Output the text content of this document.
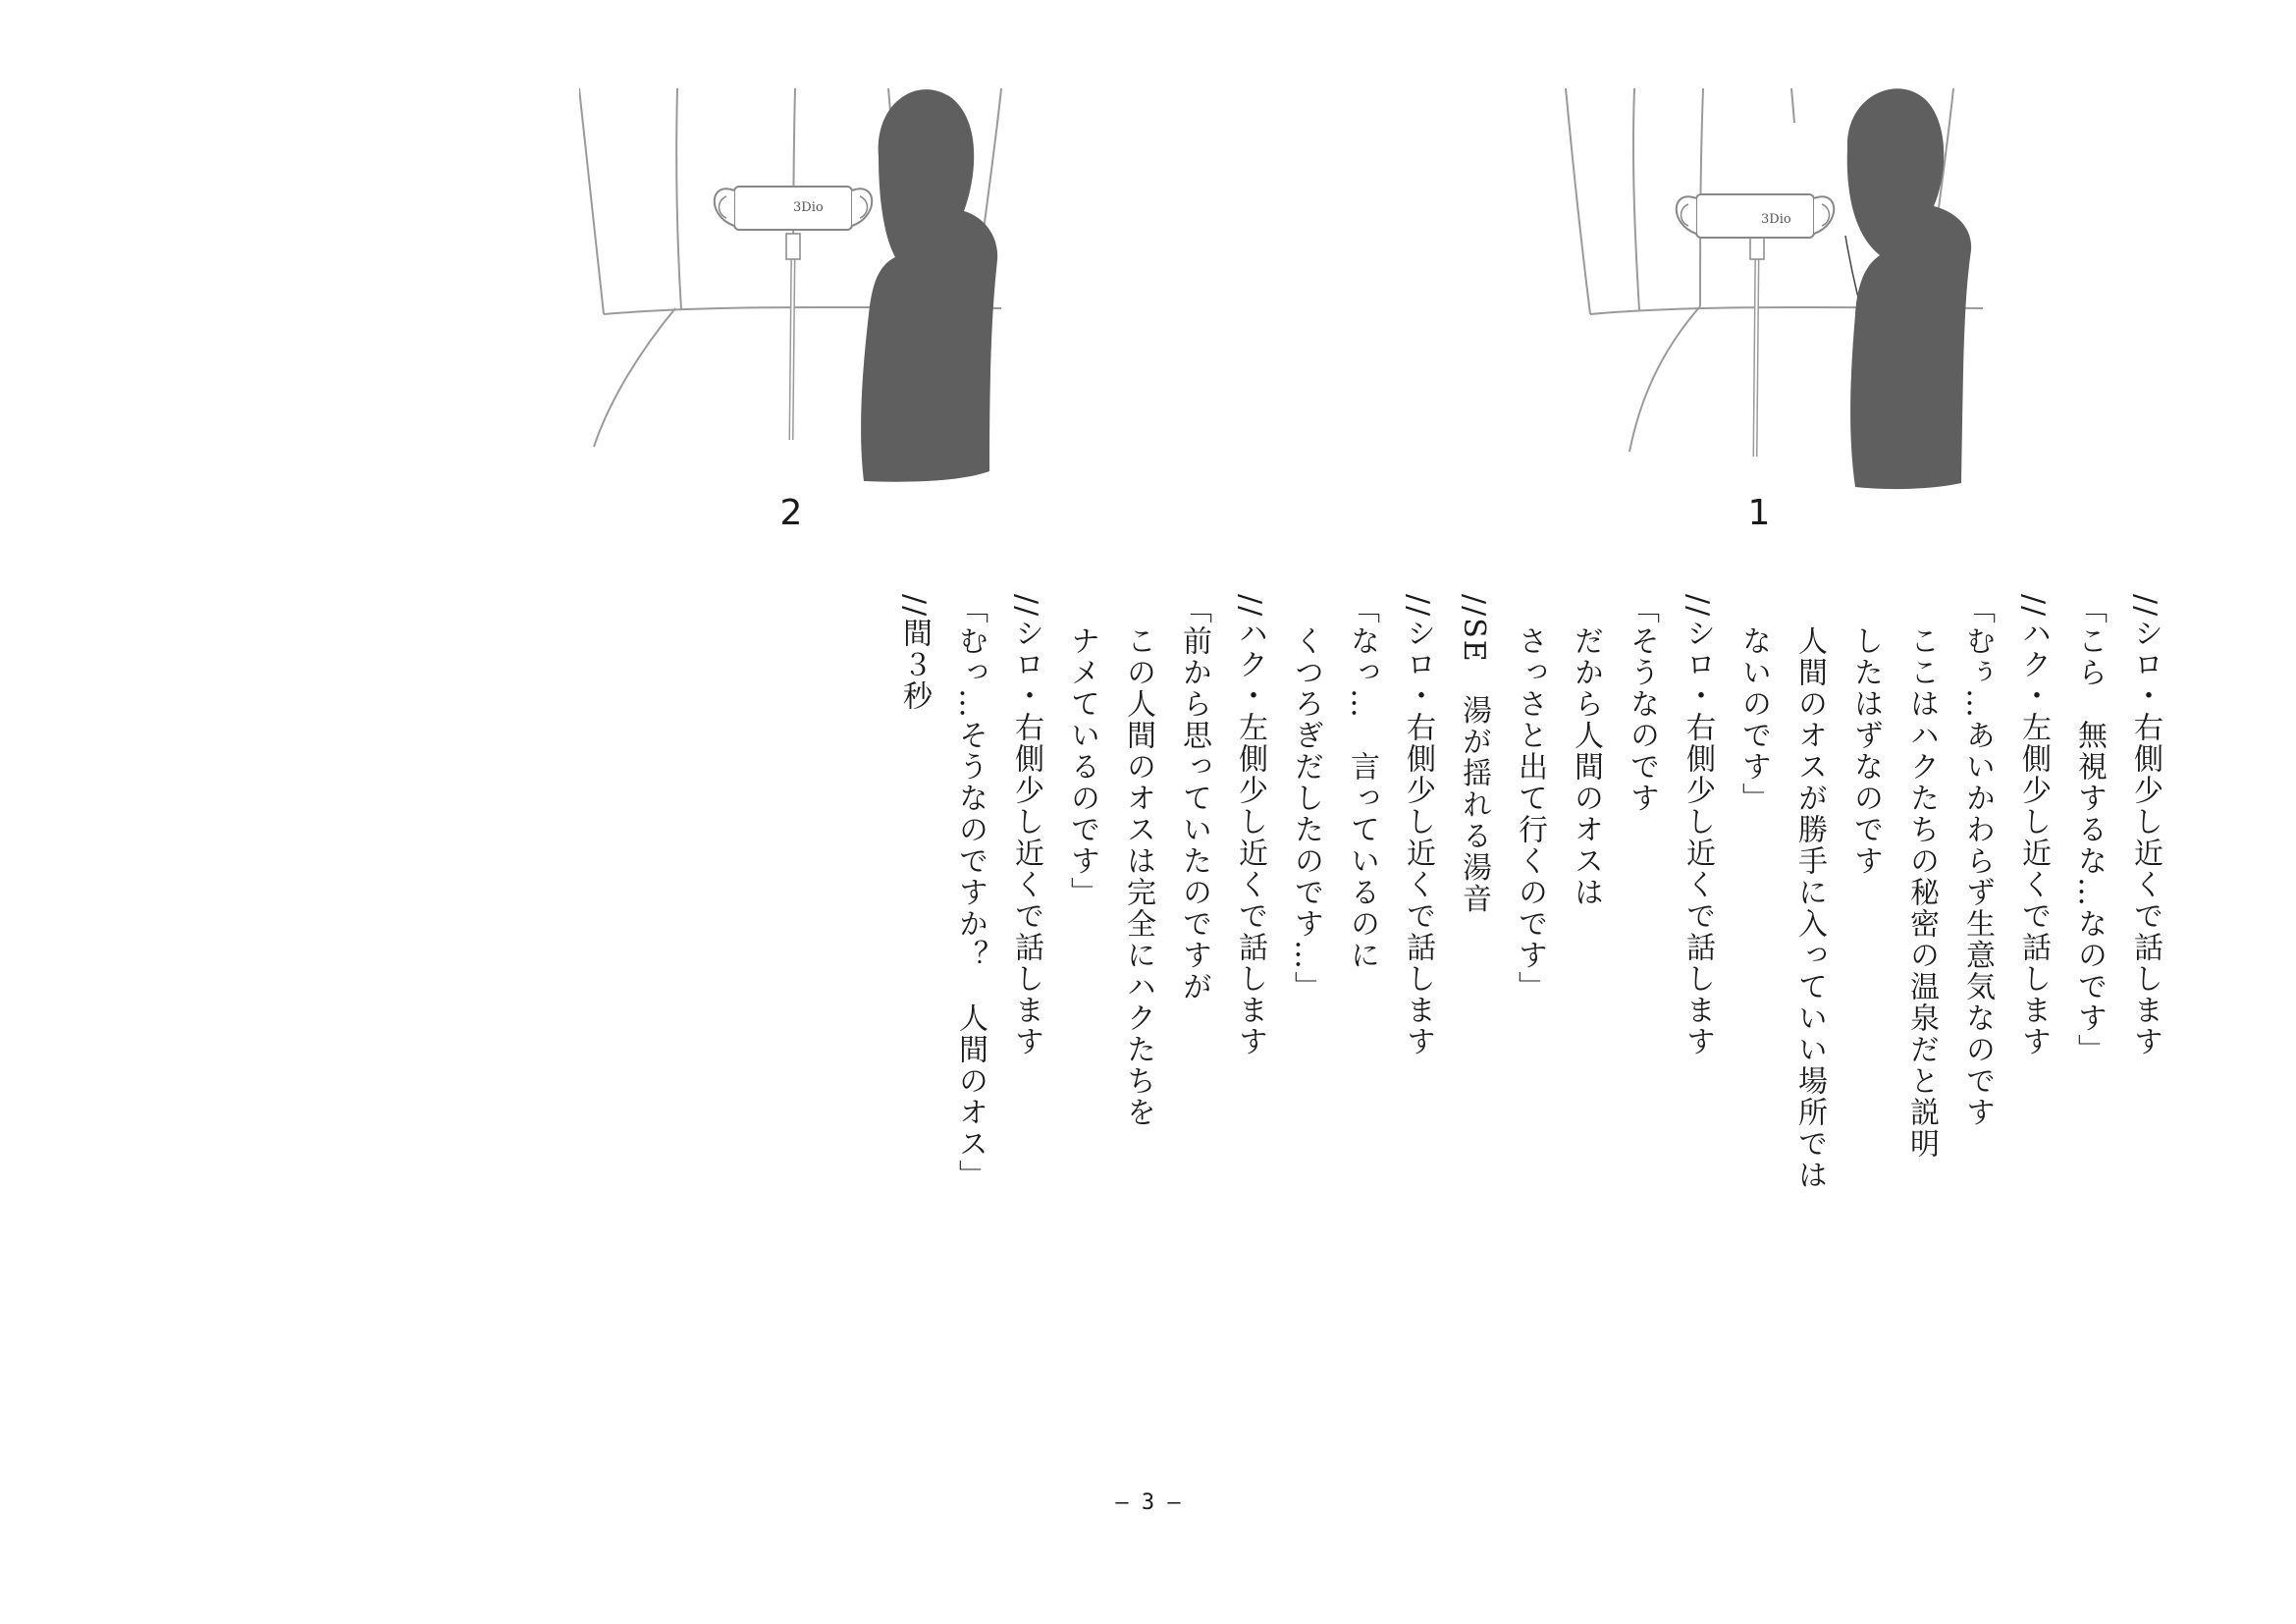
3Dio
3Dio
1
2
//シロ・右側少し近くで話します
「こら　無視するな…なのです」
//ハク・左側少し近くで話します
「むぅ…あいかわらず生意気なのです
　ここはハクたちの秘密の温泉だと説明
　したはずなのです
　人間のオスが勝手に入っていい場所では
　ないのです」
//シロ・右側少し近くで話します
「そうなのです
　だから人間のオスは
　さっさと出て行くのです」
//SE　湯が揺れる湯音
//シロ・右側少し近くで話します
「なっ…　言っているのに
　くつろぎだしたのです…」
//ハク・左側少し近くで話します
「前から思っていたのですが
　この人間のオスは完全にハクたちを
　ナメているのです」
//シロ・右側少し近くで話します
「むっ…そうなのですか？　人間のオス」
//間３秒
― 3 ―
